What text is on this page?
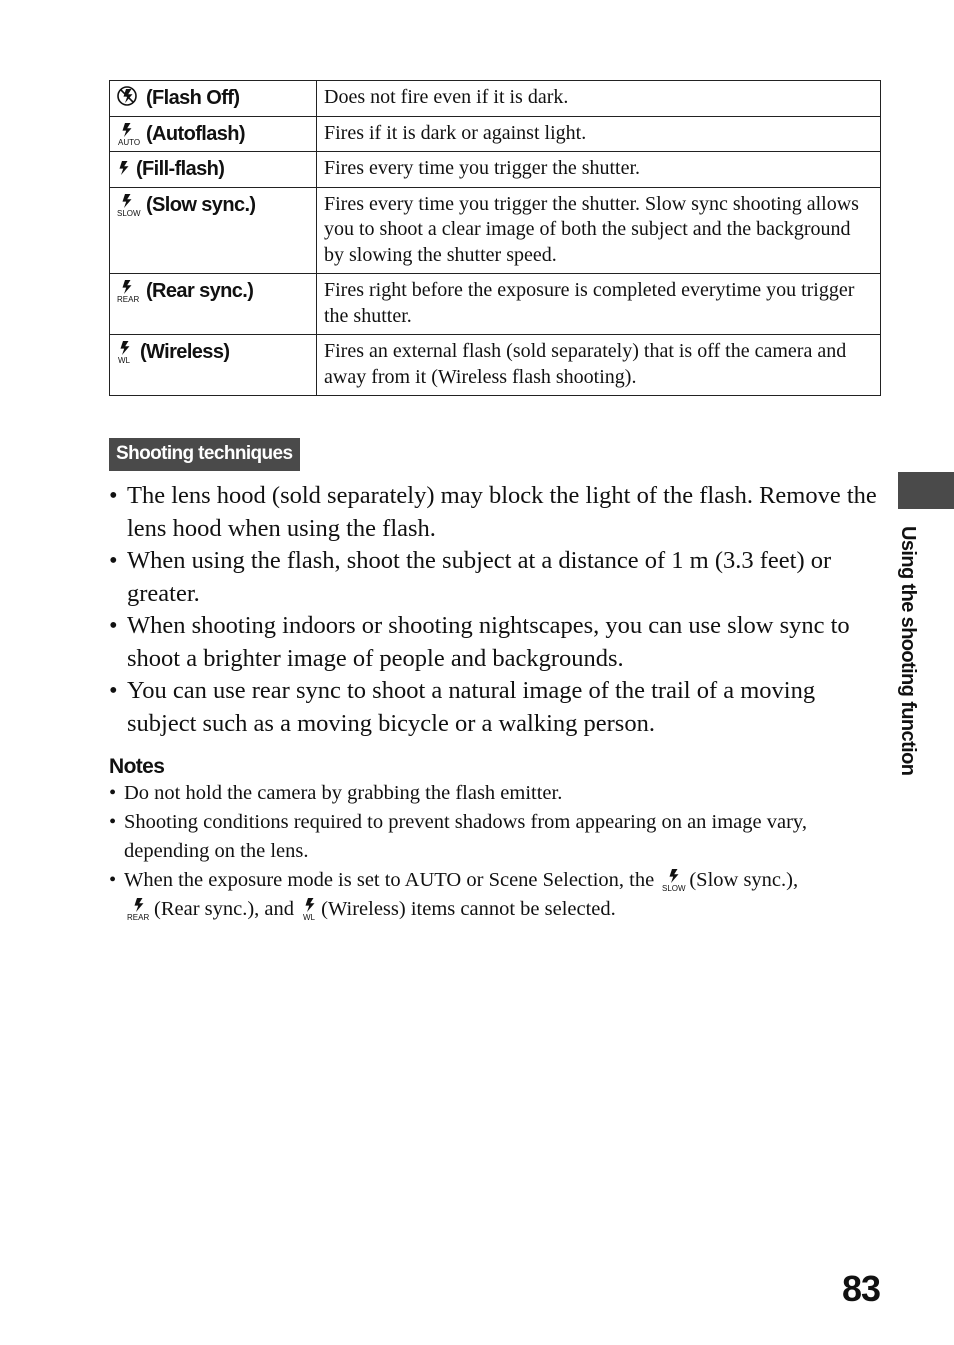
(Flash Off)	Does not fire even if it is dark.

AUTO (Autoflash)	Fires if it is dark or against light.

(Fill-flash)	Fires every time you trigger the shutter.

SLOW (Slow sync.)	Fires every time you trigger the shutter. Slow sync shooting allows you to shoot a clear image of both the subject and the background by slowing the shutter speed.

REAR (Rear sync.)	Fires right before the exposure is completed everytime you trigger the shutter.

WL (Wireless)	Fires an external flash (sold separately) that is off the camera and away from it (Wireless flash shooting).
Shooting techniques
• The lens hood (sold separately) may block the light of the flash. Remove the lens hood when using the flash.
• When using the flash, shoot the subject at a distance of 1 m (3.3 feet) or greater.
• When shooting indoors or shooting nightscapes, you can use slow sync to shoot a brighter image of people and backgrounds.
• You can use rear sync to shoot a natural image of the trail of a moving subject such as a moving bicycle or a walking person.
Notes
• Do not hold the camera by grabbing the flash emitter.
• Shooting conditions required to prevent shadows from appearing on an image vary, depending on the lens.
• When the exposure mode is set to AUTO or Scene Selection, the SLOW (Slow sync.),

REAR (Rear sync.), and WL (Wireless) items cannot be selected.
Using the shooting function
83
